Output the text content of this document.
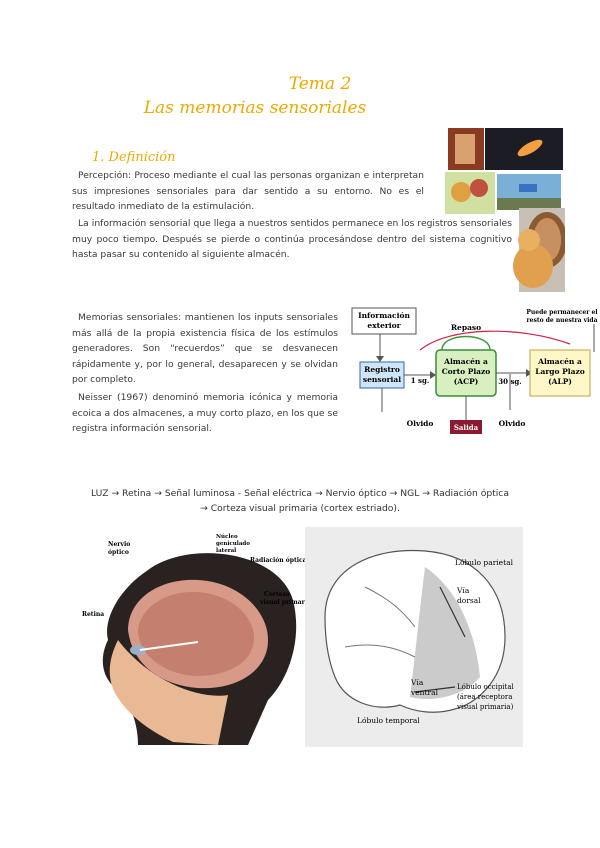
Tema 2
Las memorias sensoriales
1. Definición
Percepción: Proceso mediante el cual las personas organizan e interpretan sus impresiones sensoriales para dar sentido a su entorno. No es el resultado inmediato de la estimulación.
La información sensorial que llega a nuestros sentidos permanece en los registros sensoriales muy poco tiempo. Después se pierde o continúa procesándose dentro del sistema cognitivo hasta pasar su contenido al siguiente almacén.
Memorias sensoriales: mantienen los inputs sensoriales más allá de la propia existencia física de los estímulos generadores. Son “recuerdos” que se desvanecen rápidamente y, por lo general, desaparecen y se olvidan por completo.
Neisser (1967) denominó memoria icónica y memoria ecoica a dos almacenes, a muy corto plazo, en los que se registra información sensorial.
Información
exterior
Registro
sensorial 1 sg.
Almacén a
Corto Plazo
(ACP)
Repaso
30 sg.
Almacén a
Largo Plazo
(ALP)
Puede permanecer el
resto de nuestra vida
Olvido	Salida	Olvido
LUZ → Retina → Señal luminosa - Señal eléctrica → Nervio óptico → NGL → Radiación óptica
→ Corteza visual primaria (cortex estriado).
Nervio
óptico
Núcleo
geniculado
lateral
Radiación óptica
Corteza
visual primari
Retina
Lóbulo parietal
Vía
dorsal
Vía
ventral
Lóbulo occipital
(área receptora
visual primaria)
Lóbulo temporal
